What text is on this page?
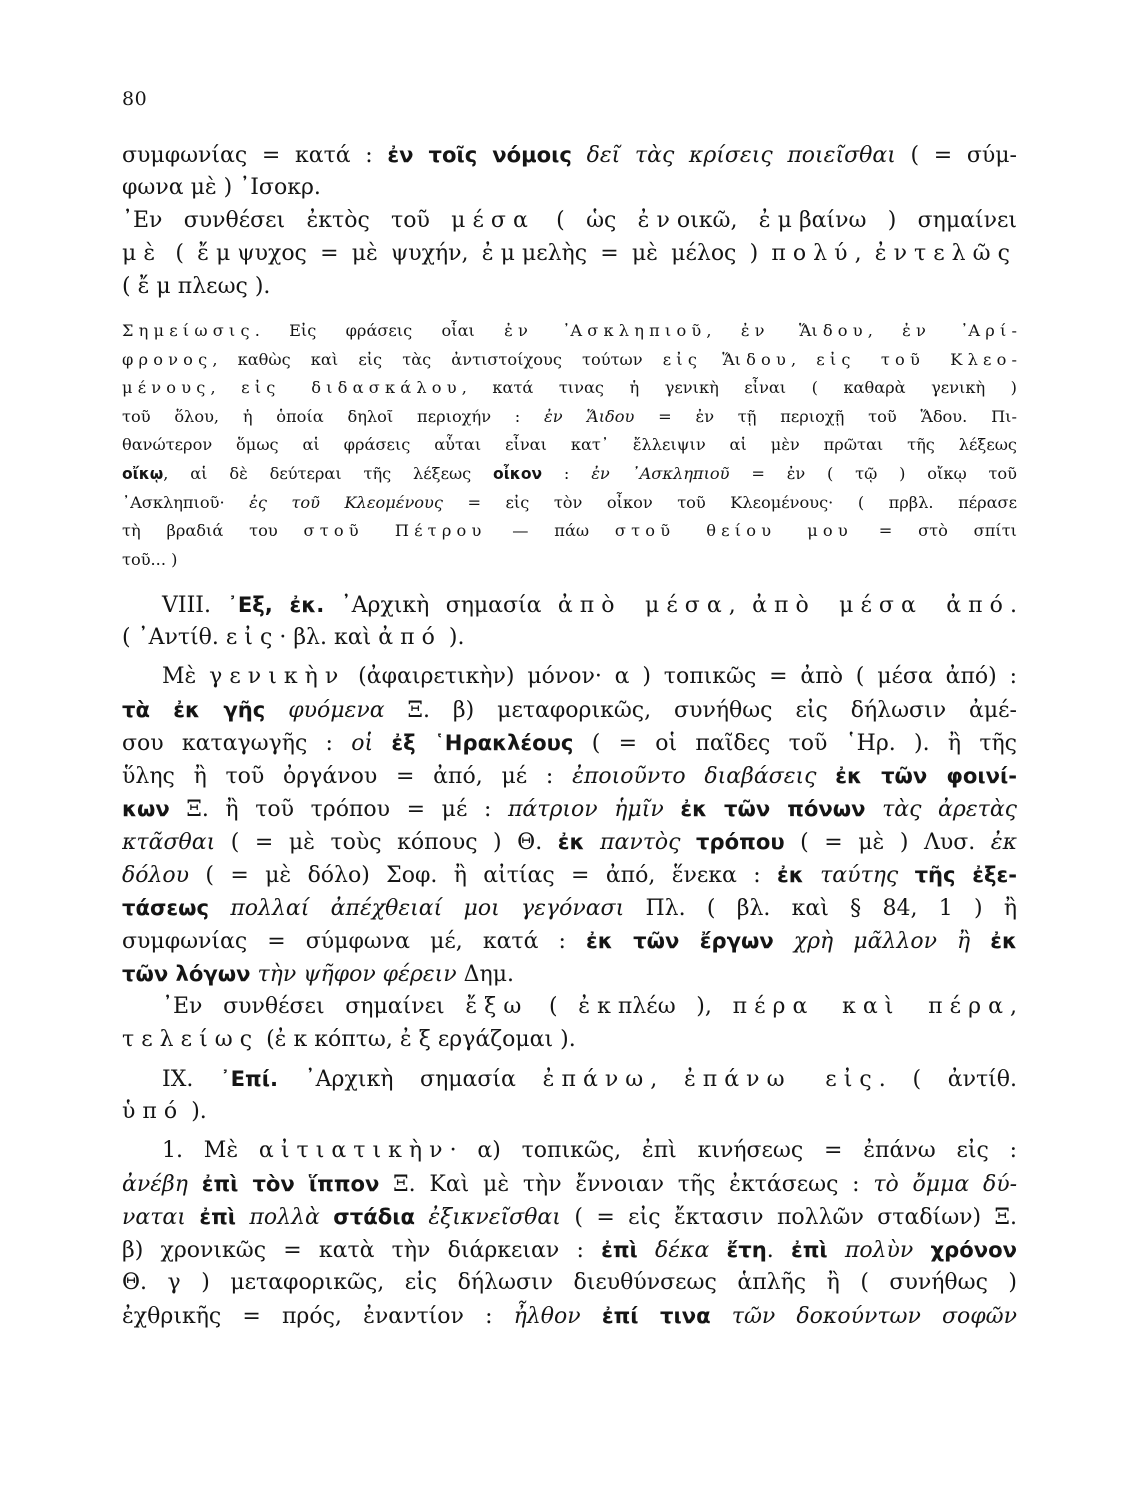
80
συμφωνίας = κατά : ἐν τοῖς νόμοις δεῖ τὰς κρίσεις ποιεῖσθαι ( = σύμ-
φωνα μὲ ) ᾽Ισοκρ.
᾽Εν συνθέσει ἐκτὸς τοῦ μέσα ( ὡς ἐνοικῶ, ἐμβαίνω ) σημαίνει
μὲ ( ἔμψυχος = μὲ ψυχήν, ἐμμελὴς = μὲ μέλος ) πολύ, ἐντελῶς
( ἔμπλεως ).
Σημείωσις. Εἰς φράσεις οἷαι ἐν ᾽Ασκληπιοῦ, ἐν Ἅιδου, ἐν ᾽Αρί-
φρονος, καθὼς καὶ εἰς τὰς ἀντιστοίχους τούτων εἰς Ἅιδου, εἰς τοῦ Κλεο-
μένους, εἰς διδασκάλου, κατά τινας ἡ γενικὴ εἶναι ( καθαρὰ γενικὴ )
τοῦ ὅλου, ἡ ὁποία δηλοῖ περιοχήν : ἐν Ἅιδου = ἐν τῇ περιοχῇ τοῦ Ἅδου. Πι-
θανώτερον ὅμως αἱ φράσεις αὗται εἶναι κατ᾽ ἔλλειψιν αἱ μὲν πρῶται τῆς λέξεως
οἴκῳ, αἱ δὲ δεύτεραι τῆς λέξεως οἶκον : ἐν ᾽Ασκληπιοῦ = ἐν ( τῷ ) οἴκῳ τοῦ
᾽Ασκληπιοῦ· ἐς τοῦ Κλεομένους = εἰς τὸν οἶκον τοῦ Κλεομένους· ( πρβλ. πέρασε
τὴ βραδιά του στοῦ Πέτρου — πάω στοῦ θείου μου = στὸ σπίτι
τοῦ... )
VIII. ᾽Εξ, ἐκ. ᾽Αρχικὴ σημασία ἀπὸ μέσα, ἀπὸ μέσα ἀπό.
( ᾽Αντίθ. εἰς· βλ. καὶ ἀπό ).
Μὲ γενικὴν (ἀφαιρετικὴν) μόνον· α ) τοπικῶς = ἀπὸ ( μέσα ἀπό) :
τὰ ἐκ γῆς φυόμενα Ξ. β) μεταφορικῶς, συνήθως εἰς δήλωσιν ἀμέ-
σου καταγωγῆς : οἱ ἐξ ῾Ηρακλέους ( = οἱ παῖδες τοῦ ῾Ηρ. ). ἢ τῆς
ὕλης ἢ τοῦ ὀργάνου = ἀπό, μέ : ἐποιοῦντο διαβάσεις ἐκ τῶν φοινί-
κων Ξ. ἢ τοῦ τρόπου = μέ : πάτριον ἡμῖν ἐκ τῶν πόνων τὰς ἀρετὰς
κτᾶσθαι ( = μὲ τοὺς κόπους ) Θ. ἐκ παντὸς τρόπου ( = μὲ ) Λυσ. ἐκ
δόλου ( = μὲ δόλο) Σοφ. ἢ αἰτίας = ἀπό, ἕνεκα : ἐκ ταύτης τῆς ἐξε-
τάσεως πολλαί ἀπέχθειαί μοι γεγόνασι Πλ. ( βλ. καὶ § 84, 1 ) ἢ
συμφωνίας = σύμφωνα μέ, κατά : ἐκ τῶν ἔργων χρὴ μᾶλλον ἢ ἐκ
τῶν λόγων τὴν ψῆφον φέρειν Δημ.
᾽Εν συνθέσει σημαίνει ἔξω ( ἐκπλέω ), πέρα καὶ πέρα,
τελείως (ἐκκόπτω, ἐξεργάζομαι ).
IX. ᾽Επί. ᾽Αρχικὴ σημασία ἐπάνω, ἐπάνω εἰς. ( ἀντίθ.
ὑπό ).
1. Μὲ αἰτιατικὴν· α) τοπικῶς, ἐπὶ κινήσεως = ἐπάνω εἰς :
ἀνέβη ἐπὶ τὸν ἵππον Ξ. Καὶ μὲ τὴν ἔννοιαν τῆς ἐκτάσεως : τὸ ὄμμα δύ-
ναται ἐπὶ πολλὰ στάδια ἐξικνεῖσθαι ( = εἰς ἔκτασιν πολλῶν σταδίων) Ξ.
β) χρονικῶς = κατὰ τὴν διάρκειαν : ἐπὶ δέκα ἔτη. ἐπὶ πολὺν χρόνον
Θ. γ ) μεταφορικῶς, εἰς δήλωσιν διευθύνσεως ἁπλῆς ἢ ( συνήθως )
ἐχθρικῆς = πρός, ἐναντίον : ἦλθον ἐπί τινα τῶν δοκούντων σοφῶν
